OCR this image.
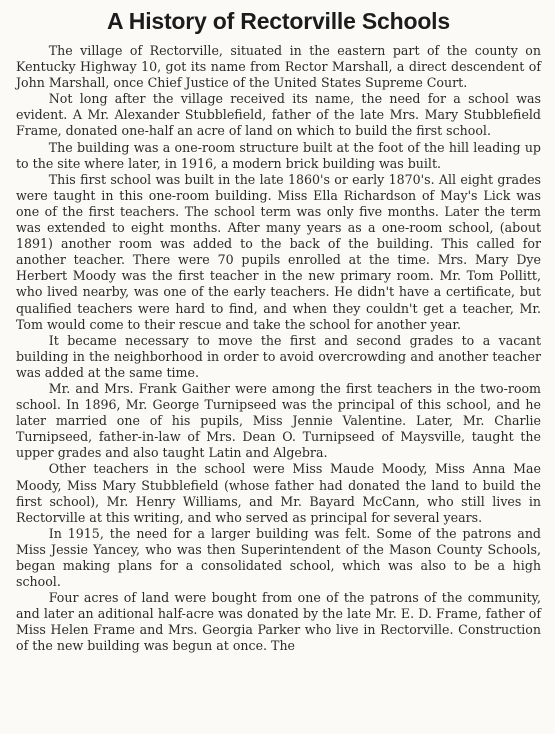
A History of Rectorville Schools

The village of Rectorville, situated in the eastern part of the county on Kentucky Highway 10, got its name from Rector Marshall, a direct descendent of John Marshall, once Chief Justice of the United States Supreme Court.

Not long after the village received its name, the need for a school was evident. A Mr. Alexander Stubblefield, father of the late Mrs. Mary Stubblefield Frame, donated one-half an acre of land on which to build the first school.

The building was a one-room structure built at the foot of the hill leading up to the site where later, in 1916, a modern brick building was built.

This first school was built in the late 1860's or early 1870's. All eight grades were taught in this one-room building. Miss Ella Richardson of May's Lick was one of the first teachers. The school term was only five months. Later the term was extended to eight months. After many years as a one-room school, (about 1891) another room was added to the back of the building. This called for another teacher. There were 70 pupils enrolled at the time. Mrs. Mary Dye Herbert Moody was the first teacher in the new primary room. Mr. Tom Pollitt, who lived nearby, was one of the early teachers. He didn't have a certificate, but qualified teachers were hard to find, and when they couldn't get a teacher, Mr. Tom would come to their rescue and take the school for another year.

It became necessary to move the first and second grades to a vacant building in the neighborhood in order to avoid overcrowding and another teacher was added at the same time.

Mr. and Mrs. Frank Gaither were among the first teachers in the two-room school. In 1896, Mr. George Turnipseed was the principal of this school, and he later married one of his pupils, Miss Jennie Valentine. Later, Mr. Charlie Turnipseed, father-in-law of Mrs. Dean O. Turnipseed of Maysville, taught the upper grades and also taught Latin and Algebra.

Other teachers in the school were Miss Maude Moody, Miss Anna Mae Moody, Miss Mary Stubblefield (whose father had donated the land to build the first school), Mr. Henry Williams, and Mr. Bayard McCann, who still lives in Rectorville at this writing, and who served as principal for several years.

In 1915, the need for a larger building was felt. Some of the patrons and Miss Jessie Yancey, who was then Superintendent of the Mason County Schools, began making plans for a consolidated school, which was also to be a high school.

Four acres of land were bought from one of the patrons of the community, and later an aditional half-acre was donated by the late Mr. E. D. Frame, father of Miss Helen Frame and Mrs. Georgia Parker who live in Rectorville. Construction of the new building was begun at once. The
